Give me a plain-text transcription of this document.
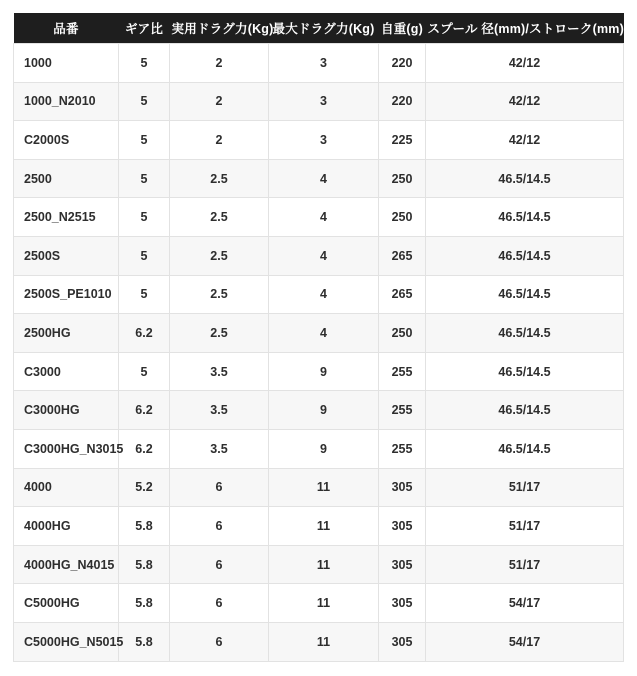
品番	ギア比	実用ドラグ力(Kg)	最大ドラグ力(Kg)	自重(g)	スプール 径(mm)/ストローク(mm)
1000	5	2	3	220	42/12
1000_N2010	5	2	3	220	42/12
C2000S	5	2	3	225	42/12
2500	5	2.5	4	250	46.5/14.5
2500_N2515	5	2.5	4	250	46.5/14.5
2500S	5	2.5	4	265	46.5/14.5
2500S_PE1010	5	2.5	4	265	46.5/14.5
2500HG	6.2	2.5	4	250	46.5/14.5
C3000	5	3.5	9	255	46.5/14.5
C3000HG	6.2	3.5	9	255	46.5/14.5
C3000HG_N3015	6.2	3.5	9	255	46.5/14.5
4000	5.2	6	11	305	51/17
4000HG	5.8	6	11	305	51/17
4000HG_N4015	5.8	6	11	305	51/17
C5000HG	5.8	6	11	305	54/17
C5000HG_N5015	5.8	6	11	305	54/17
